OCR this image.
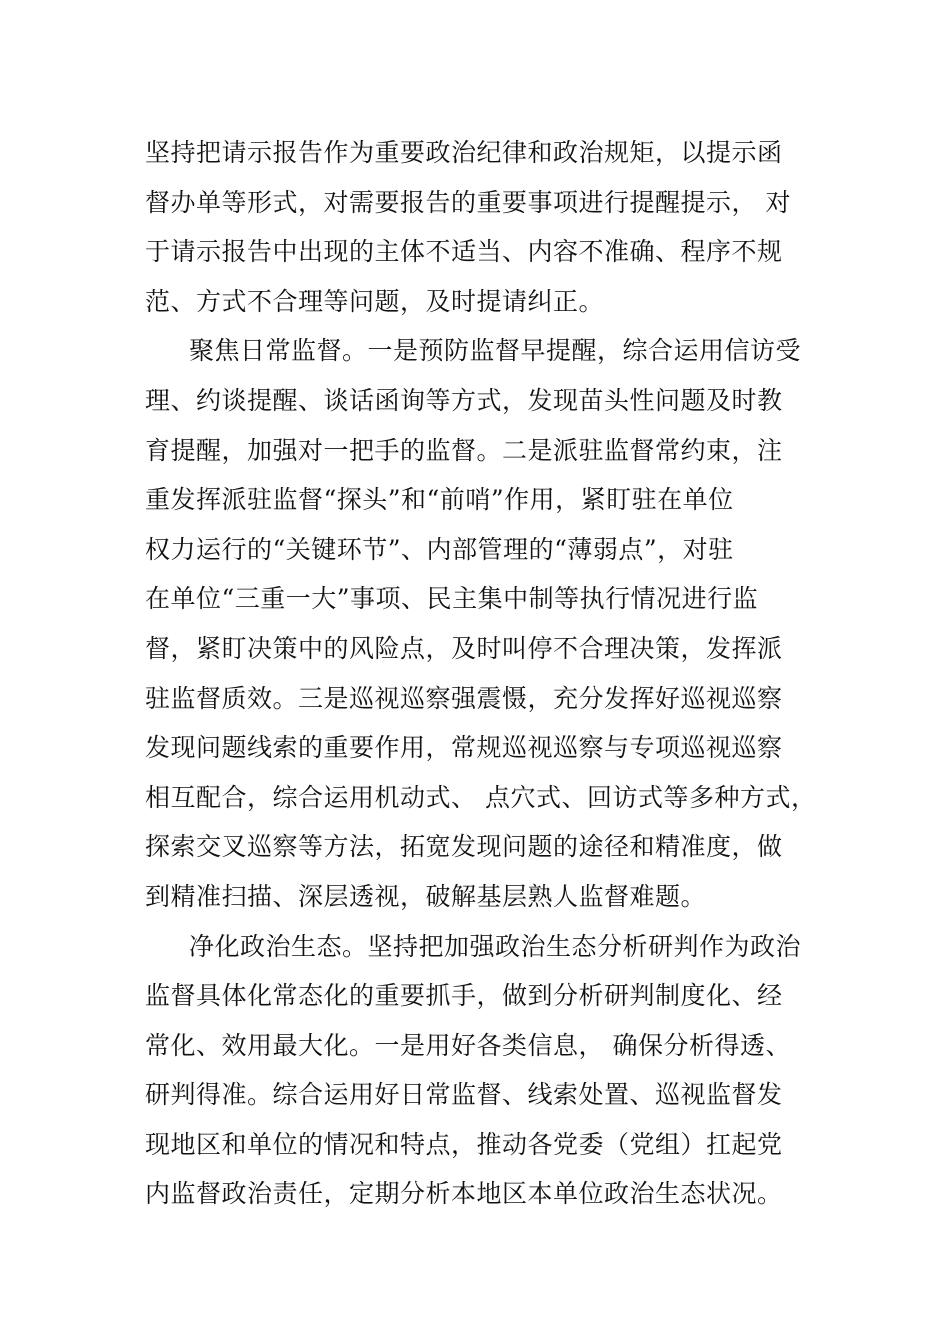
坚持把请示报告作为重要政治纪律和政治规矩，以提示函
督办单等形式，对需要报告的重要事项进行提醒提示， 对
于请示报告中出现的主体不适当、内容不准确、程序不规
范、方式不合理等问题，及时提请纠正。
聚焦日常监督。一是预防监督早提醒，综合运用信访受
理、约谈提醒、谈话函询等方式，发现苗头性问题及时教
育提醒，加强对一把手的监督。二是派驻监督常约束，注
重发挥派驻监督“探头”和“前哨”作用，紧盯驻在单位
权力运行的“关键环节”、内部管理的“薄弱点”，对驻
在单位“三重一大”事项、民主集中制等执行情况进行监
督，紧盯决策中的风险点，及时叫停不合理决策，发挥派
驻监督质效。三是巡视巡察强震慑，充分发挥好巡视巡察
发现问题线索的重要作用，常规巡视巡察与专项巡视巡察
相互配合，综合运用机动式、 点穴式、回访式等多种方式，
探索交叉巡察等方法，拓宽发现问题的途径和精准度，做
到精准扫描、深层透视，破解基层熟人监督难题。
净化政治生态。坚持把加强政治生态分析研判作为政治
监督具体化常态化的重要抓手，做到分析研判制度化、经
常化、效用最大化。一是用好各类信息， 确保分析得透、
研判得准。综合运用好日常监督、线索处置、巡视监督发
现地区和单位的情况和特点，推动各党委（党组）扛起党
内监督政治责任，定期分析本地区本单位政治生态状况。
